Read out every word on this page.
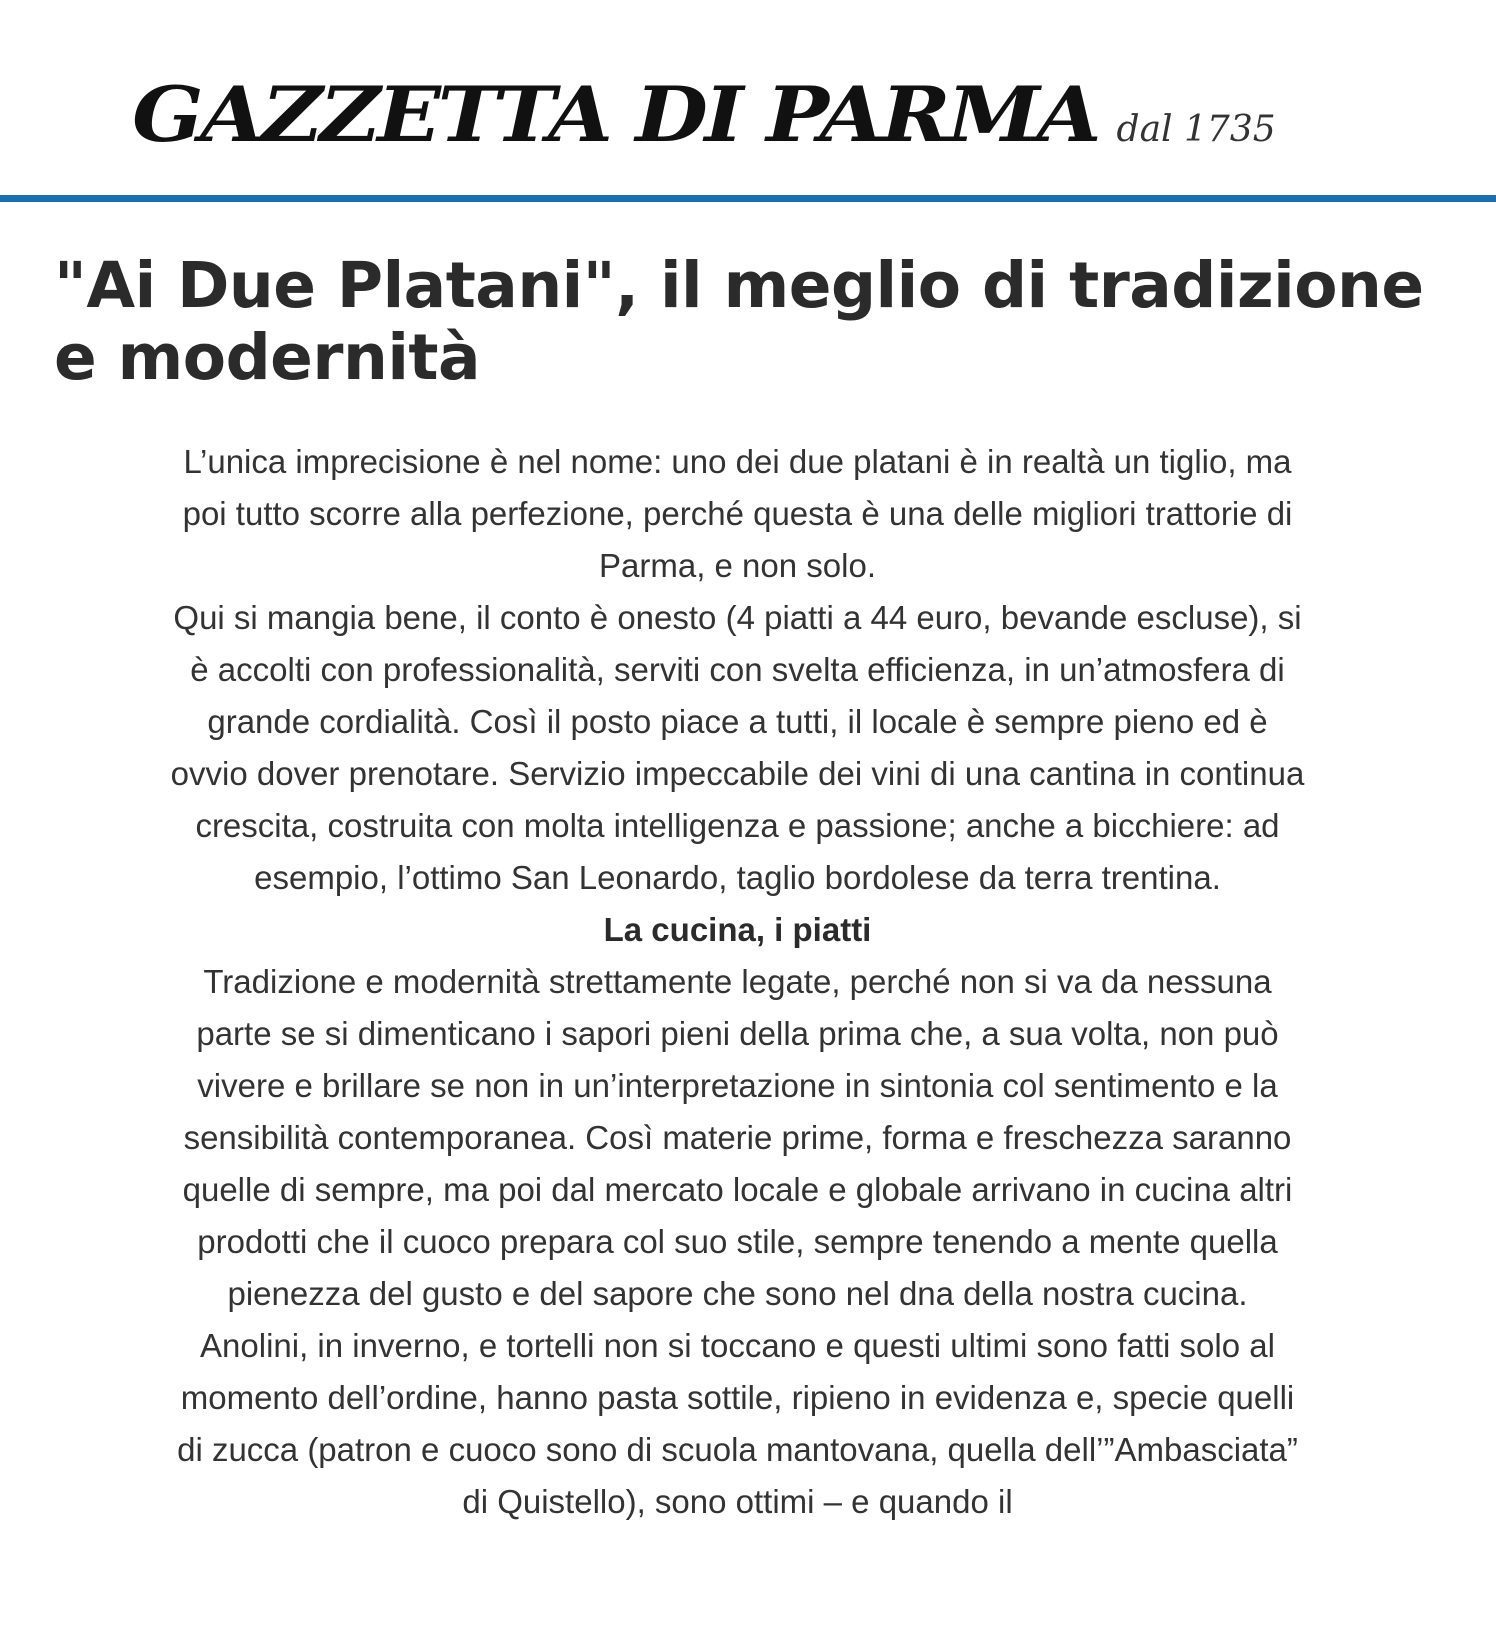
GAZZETTA DI PARMA dal 1735
"Ai Due Platani", il meglio di tradizione e modernità

L’unica imprecisione è nel nome: uno dei due platani è in realtà un tiglio, ma poi tutto scorre alla perfezione, perché questa è una delle migliori trattorie di Parma, e non solo.

Qui si mangia bene, il conto è onesto (4 piatti a 44 euro, bevande escluse), si è accolti con professionalità, serviti con svelta efficienza, in un’atmosfera di grande cordialità. Così il posto piace a tutti, il locale è sempre pieno ed è ovvio dover prenotare. Servizio impeccabile dei vini di una cantina in continua crescita, costruita con molta intelligenza e passione; anche a bicchiere: ad esempio, l’ottimo San Leonardo, taglio bordolese da terra trentina.

La cucina, i piatti

Tradizione e modernità strettamente legate, perché non si va da nessuna parte se si dimenticano i sapori pieni della prima che, a sua volta, non può vivere e brillare se non in un’interpretazione in sintonia col sentimento e la sensibilità contemporanea. Così materie prime, forma e freschezza saranno quelle di sempre, ma poi dal mercato locale e globale arrivano in cucina altri prodotti che il cuoco prepara col suo stile, sempre tenendo a mente quella pienezza del gusto e del sapore che sono nel dna della nostra cucina. Anolini, in inverno, e tortelli non si toccano e questi ultimi sono fatti solo al momento dell’ordine, hanno pasta sottile, ripieno in evidenza e, specie quelli di zucca (patron e cuoco sono di scuola mantovana, quella dell’”Ambasciata” di Quistello), sono ottimi – e quando il
